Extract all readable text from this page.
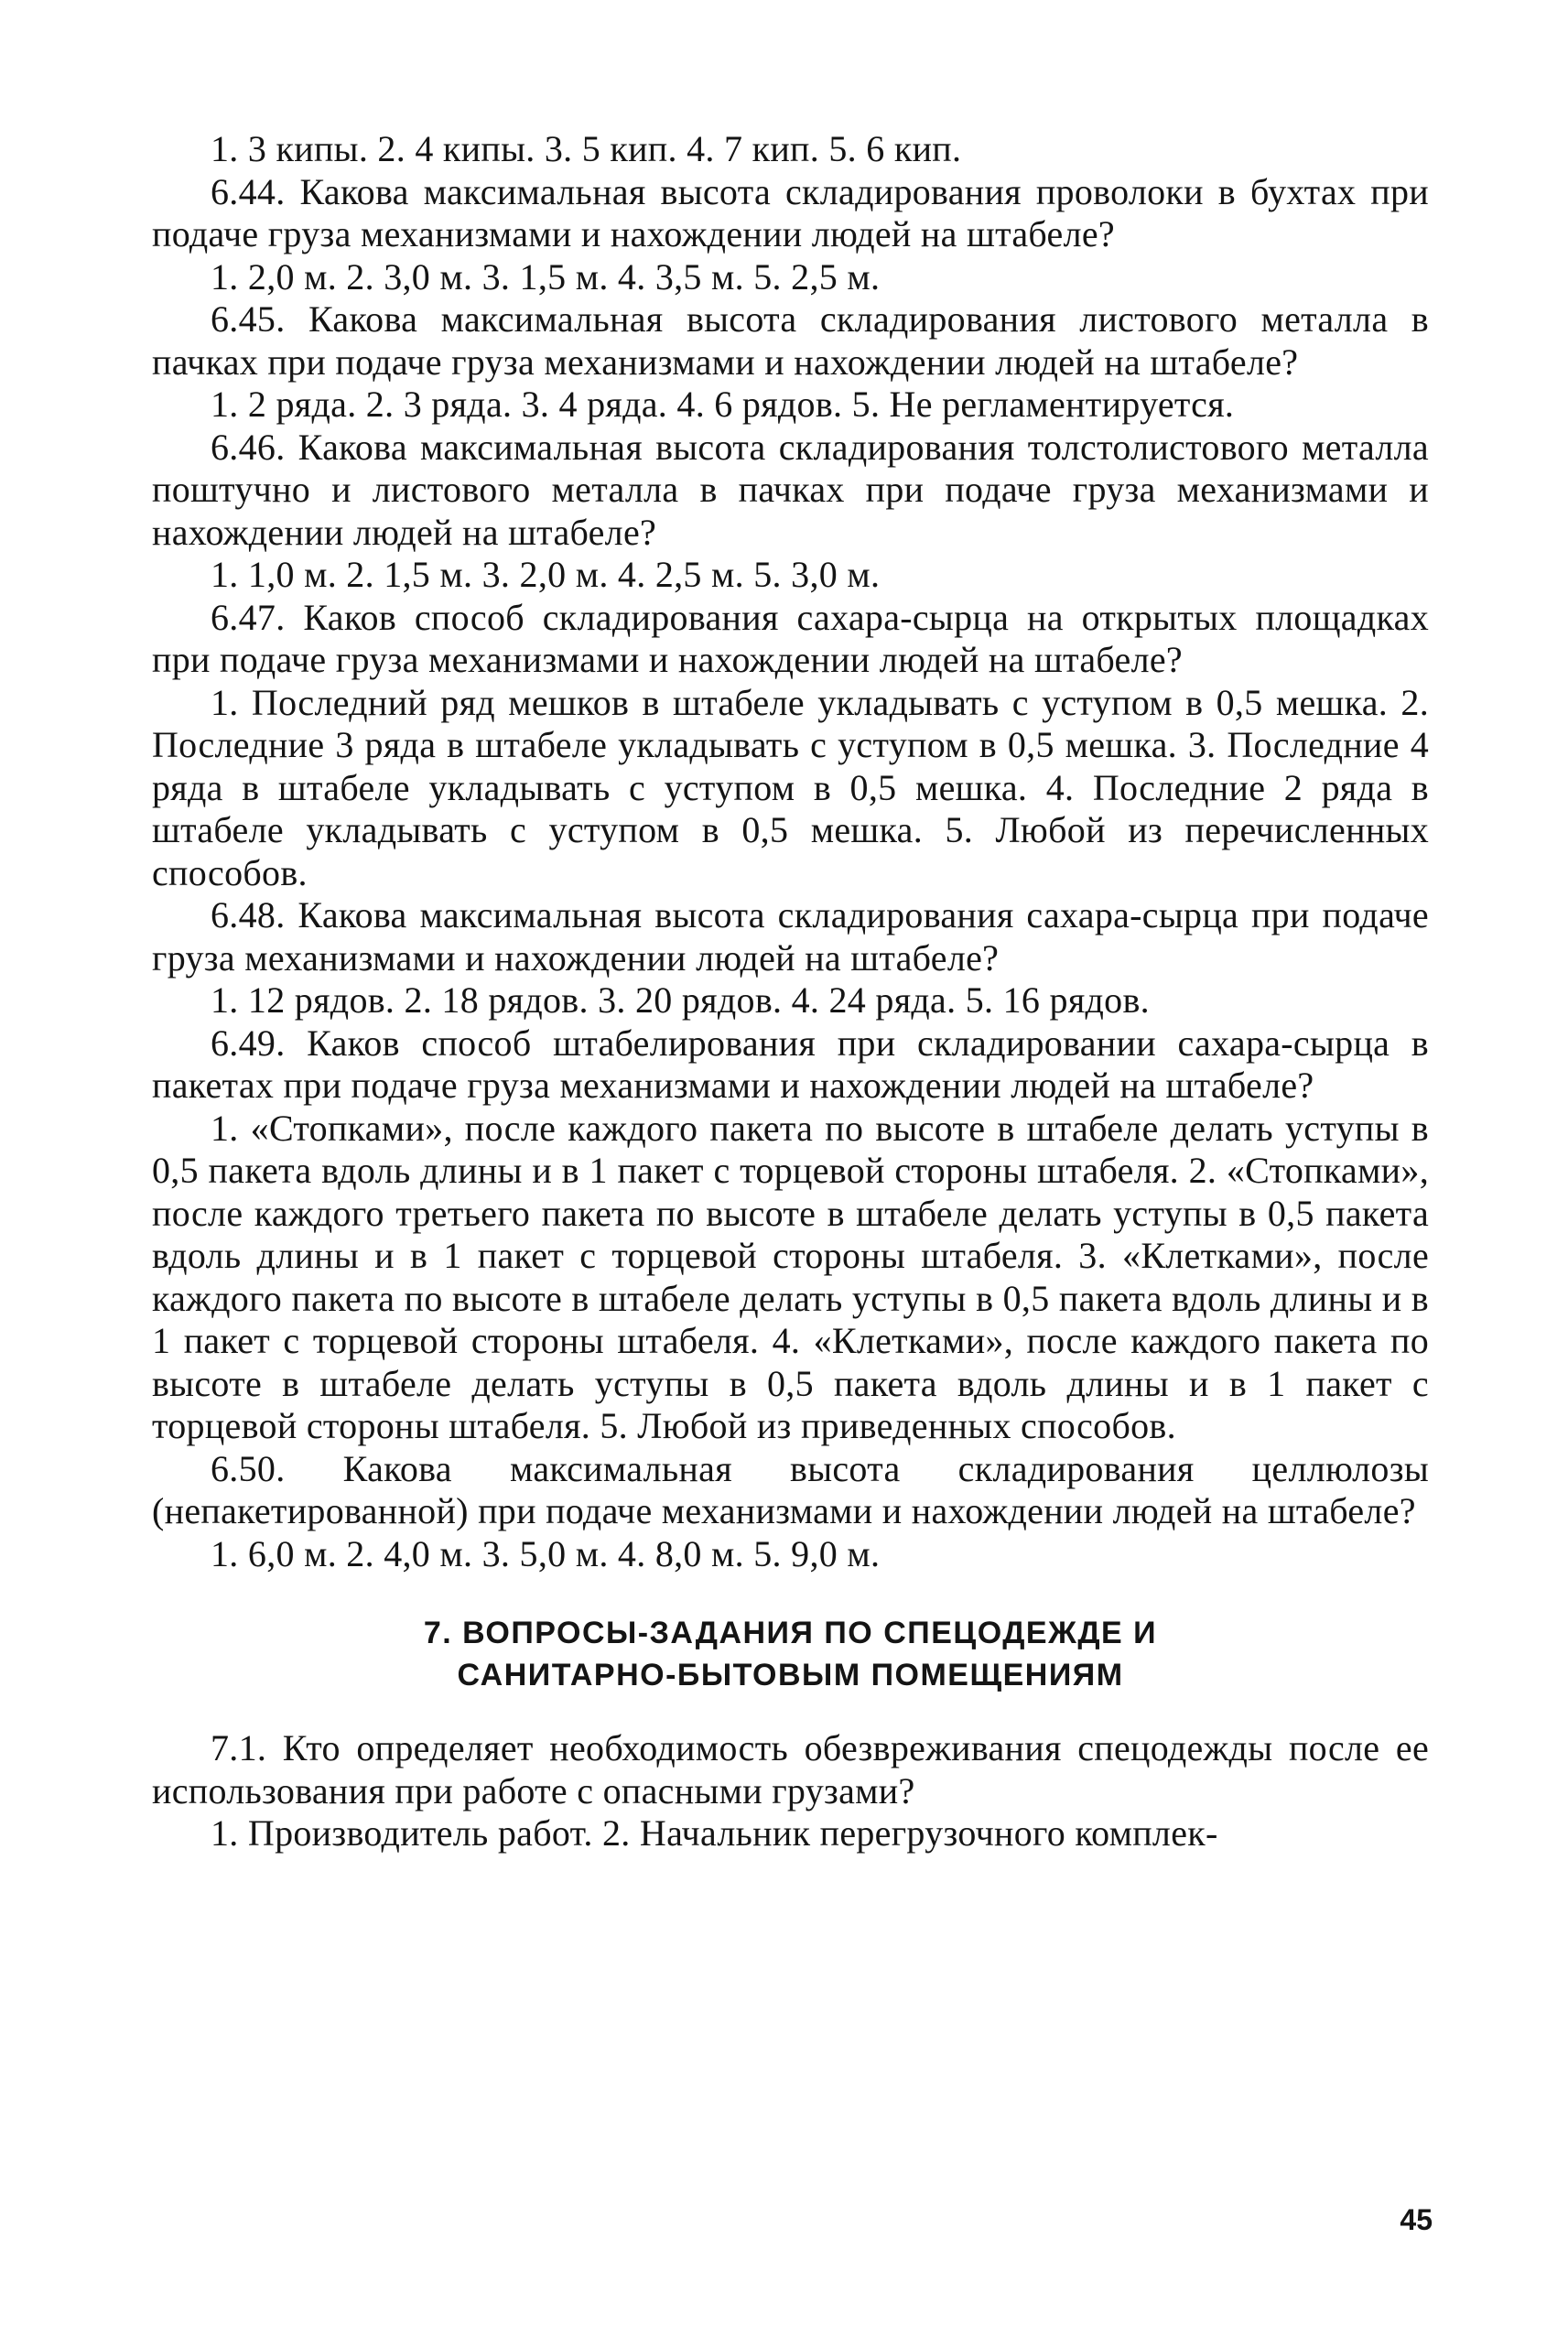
1. 3 кипы. 2. 4 кипы. 3. 5 кип. 4. 7 кип. 5. 6 кип.

6.44. Какова максимальная высота складирования проволоки в бухтах при подаче груза механизмами и нахождении людей на штабеле?

1. 2,0 м. 2. 3,0 м. 3. 1,5 м. 4. 3,5 м. 5. 2,5 м.

6.45. Какова максимальная высота складирования листового металла в пачках при подаче груза механизмами и нахождении людей на штабеле?

1. 2 ряда. 2. 3 ряда. 3. 4 ряда. 4. 6 рядов. 5. Не регламентируется.

6.46. Какова максимальная высота складирования толстолистового металла поштучно и листового металла в пачках при подаче груза механизмами и нахождении людей на штабеле?

1. 1,0 м. 2. 1,5 м. 3. 2,0 м. 4. 2,5 м. 5. 3,0 м.

6.47. Каков способ складирования сахара-сырца на открытых площадках при подаче груза механизмами и нахождении людей на штабеле?

1. Последний ряд мешков в штабеле укладывать с уступом в 0,5 мешка. 2. Последние 3 ряда в штабеле укладывать с уступом в 0,5 мешка. 3. Последние 4 ряда в штабеле укладывать с уступом в 0,5 мешка. 4. Последние 2 ряда в штабеле укладывать с уступом в 0,5 мешка. 5. Любой из перечисленных способов.

6.48. Какова максимальная высота складирования сахара-сырца при подаче груза механизмами и нахождении людей на штабеле?

1. 12 рядов. 2. 18 рядов. 3. 20 рядов. 4. 24 ряда. 5. 16 рядов.

6.49. Каков способ штабелирования при складировании сахара-сырца в пакетах при подаче груза механизмами и нахождении людей на штабеле?

1. «Стопками», после каждого пакета по высоте в штабеле делать уступы в 0,5 пакета вдоль длины и в 1 пакет с торцевой стороны штабеля. 2. «Стопками», после каждого третьего пакета по высоте в штабеле делать уступы в 0,5 пакета вдоль длины и в 1 пакет с торцевой стороны штабеля. 3. «Клетками», после каждого пакета по высоте в штабеле делать уступы в 0,5 пакета вдоль длины и в 1 пакет с торцевой стороны штабеля. 4. «Клетками», после каждого пакета по высоте в штабеле делать уступы в 0,5 пакета вдоль длины и в 1 пакет с торцевой стороны штабеля. 5. Любой из приведенных способов.

6.50. Какова максимальная высота складирования целлюлозы (непакетированной) при подаче механизмами и нахождении людей на штабеле?

1. 6,0 м. 2. 4,0 м. 3. 5,0 м. 4. 8,0 м. 5. 9,0 м.

7. ВОПРОСЫ-ЗАДАНИЯ ПО СПЕЦОДЕЖДЕ И
САНИТАРНО-БЫТОВЫМ ПОМЕЩЕНИЯМ

7.1. Кто определяет необходимость обезвреживания спецодежды после ее использования при работе с опасными грузами?

1. Производитель работ. 2. Начальник перегрузочного комплек-

45
